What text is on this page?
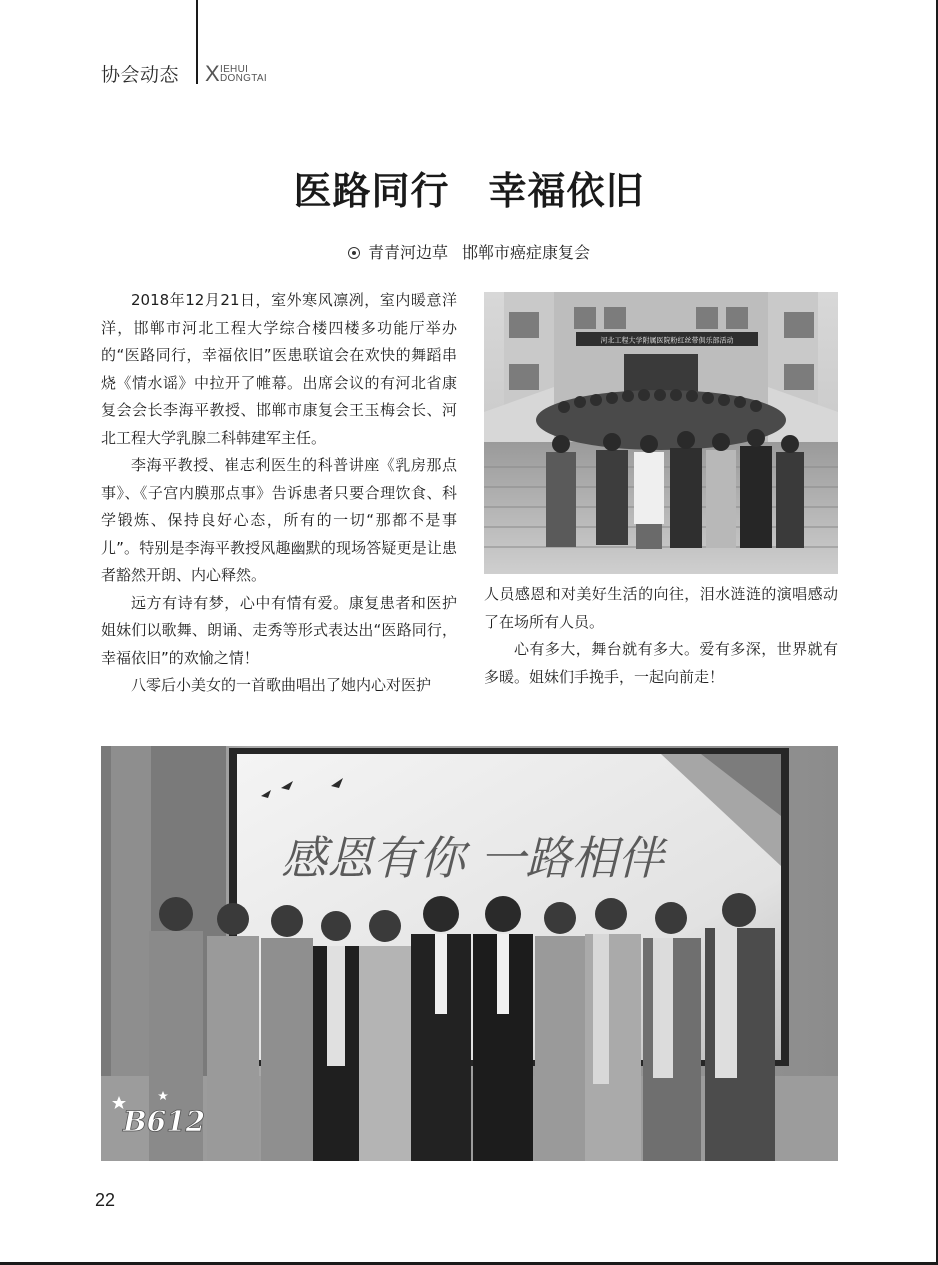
协会动态 X IEHUI
DONGTAI
医路同行　幸福依旧
青青河边草 邯郸市癌症康复会

2018年12月21日，室外寒风凛冽，室内暖意洋洋，邯郸市河北工程大学综合楼四楼多功能厅举办的“医路同行，幸福依旧”医患联谊会在欢快的舞蹈串烧《情水谣》中拉开了帷幕。出席会议的有河北省康复会会长李海平教授、邯郸市康复会王玉梅会长、河北工程大学乳腺二科韩建军主任。

李海平教授、崔志利医生的科普讲座《乳房那点事》、《子宫内膜那点事》告诉患者只要合理饮食、科学锻炼、保持良好心态，所有的一切“那都不是事儿”。特别是李海平教授风趣幽默的现场答疑更是让患者豁然开朗、内心释然。

远方有诗有梦，心中有情有爱。康复患者和医护姐妹们以歌舞、朗诵、走秀等形式表达出“医路同行，幸福依旧”的欢愉之情！

八零后小美女的一首歌曲唱出了她内心对医护

河北工程大学附属医院粉红丝带俱乐部活动

人员感恩和对美好生活的向往，泪水涟涟的演唱感动了在场所有人员。

心有多大，舞台就有多大。爱有多深，世界就有多暖。姐妹们手挽手，一起向前走！

感恩有你 一路相伴
B612
22
